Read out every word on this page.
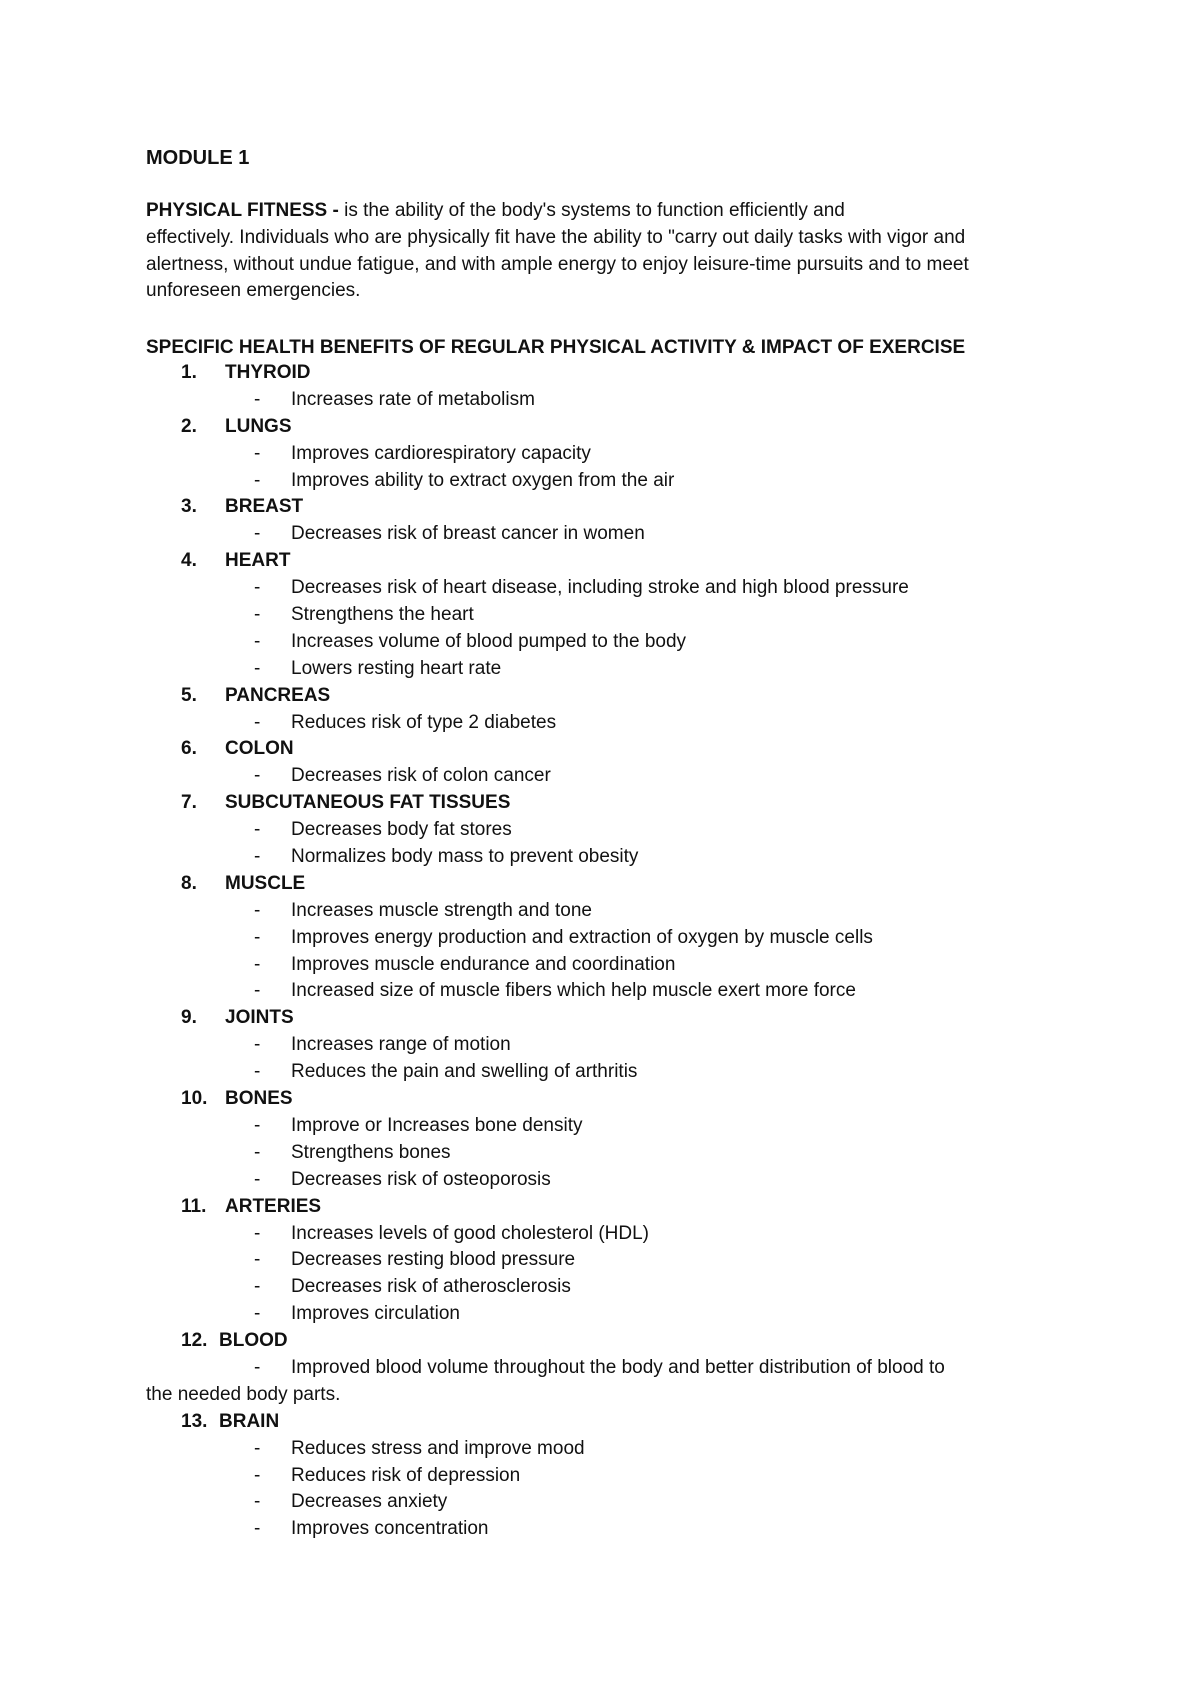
MODULE 1
PHYSICAL FITNESS - is the ability of the body's systems to function efficiently and
effectively. Individuals who are physically fit have the ability to "carry out daily tasks with vigor and
alertness, without undue fatigue, and with ample energy to enjoy leisure-time pursuits and to meet
unforeseen emergencies.
SPECIFIC HEALTH BENEFITS OF REGULAR PHYSICAL ACTIVITY & IMPACT OF EXERCISE
1. THYROID
- Increases rate of metabolism
2. LUNGS
- Improves cardiorespiratory capacity
- Improves ability to extract oxygen from the air
3. BREAST
- Decreases risk of breast cancer in women
4. HEART
- Decreases risk of heart disease, including stroke and high blood pressure
- Strengthens the heart
- Increases volume of blood pumped to the body
- Lowers resting heart rate
5. PANCREAS
- Reduces risk of type 2 diabetes
6. COLON
- Decreases risk of colon cancer
7. SUBCUTANEOUS FAT TISSUES
- Decreases body fat stores
- Normalizes body mass to prevent obesity
8. MUSCLE
- Increases muscle strength and tone
- Improves energy production and extraction of oxygen by muscle cells
- Improves muscle endurance and coordination
- Increased size of muscle fibers which help muscle exert more force
9. JOINTS
- Increases range of motion
- Reduces the pain and swelling of arthritis
10. BONES
- Improve or Increases bone density
- Strengthens bones
- Decreases risk of osteoporosis
11. ARTERIES
- Increases levels of good cholesterol (HDL)
- Decreases resting blood pressure
- Decreases risk of atherosclerosis
- Improves circulation
12. BLOOD
- Improved blood volume throughout the body and better distribution of blood to
the needed body parts.
13. BRAIN
- Reduces stress and improve mood
- Reduces risk of depression
- Decreases anxiety
- Improves concentration
